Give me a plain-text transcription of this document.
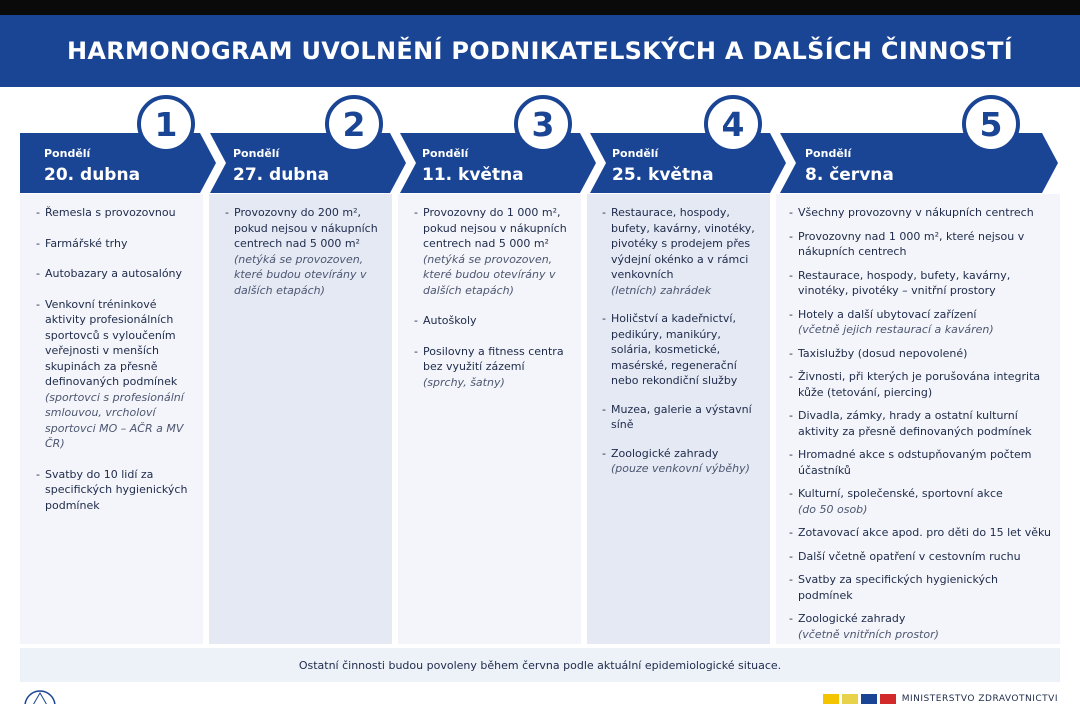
HARMONOGRAM UVOLNĚNÍ PODNIKATELSKÝCH A DALŠÍCH ČINNOSTÍ
Pondělí
20. dubna
Pondělí
27. dubna
Pondělí
11. května
Pondělí
25. května
Pondělí
8. června
1	2	3	4	5
- Řemesla s provozovnou
- Farmářské trhy
- Autobazary a autosalóny
- Venkovní tréninkové aktivity profesionálních sportovců s vyloučením veřejnosti v menších skupinách za přesně definovaných podmínek
(sportovci s profesionální smlouvou, vrcholoví sportovci MO – AČR a MV ČR)
- Svatby do 10 lidí za specifických hygienických podmínek
- Provozovny do 200 m², pokud nejsou v nákupních centrech nad 5 000 m²
(netýká se provozoven, které budou otevírány v dalších etapách)
- Provozovny do 1 000 m², pokud nejsou v nákupních centrech nad 5 000 m²
(netýká se provozoven, které budou otevírány v dalších etapách)
- Autoškoly
- Posilovny a fitness centra bez využití zázemí
(sprchy, šatny)
- Restaurace, hospody, bufety, kavárny, vinotéky, pivotéky s prodejem přes výdejní okénko a v rámci venkovních
(letních) zahrádek
- Holičství a kadeřnictví, pedikúry, manikúry, solária, kosmetické, masérské, regenerační nebo rekondiční služby
- Muzea, galerie a výstavní síně
- Zoologické zahrady
(pouze venkovní výběhy)
- Všechny provozovny v nákupních centrech
- Provozovny nad 1 000 m², které nejsou v nákupních centrech
- Restaurace, hospody, bufety, kavárny, vinotéky, pivotéky – vnitřní prostory
- Hotely a další ubytovací zařízení
(včetně jejich restaurací a kaváren)
- Taxislužby (dosud nepovolené)
- Živnosti, při kterých je porušována integrita kůže (tetování, piercing)
- Divadla, zámky, hrady a ostatní kulturní aktivity za přesně definovaných podmínek
- Hromadné akce s odstupňovaným počtem účastníků
- Kulturní, společenské, sportovní akce
(do 50 osob)
- Zotavovací akce apod. pro děti do 15 let věku
- Další včetně opatření v cestovním ruchu
- Svatby za specifických hygienických podmínek
- Zoologické zahrady
(včetně vnitřních prostor)
Ostatní činnosti budou povoleny během června podle aktuální epidemiologické situace.
MINISTERSTVO ZDRAVOTNICTVÍ
